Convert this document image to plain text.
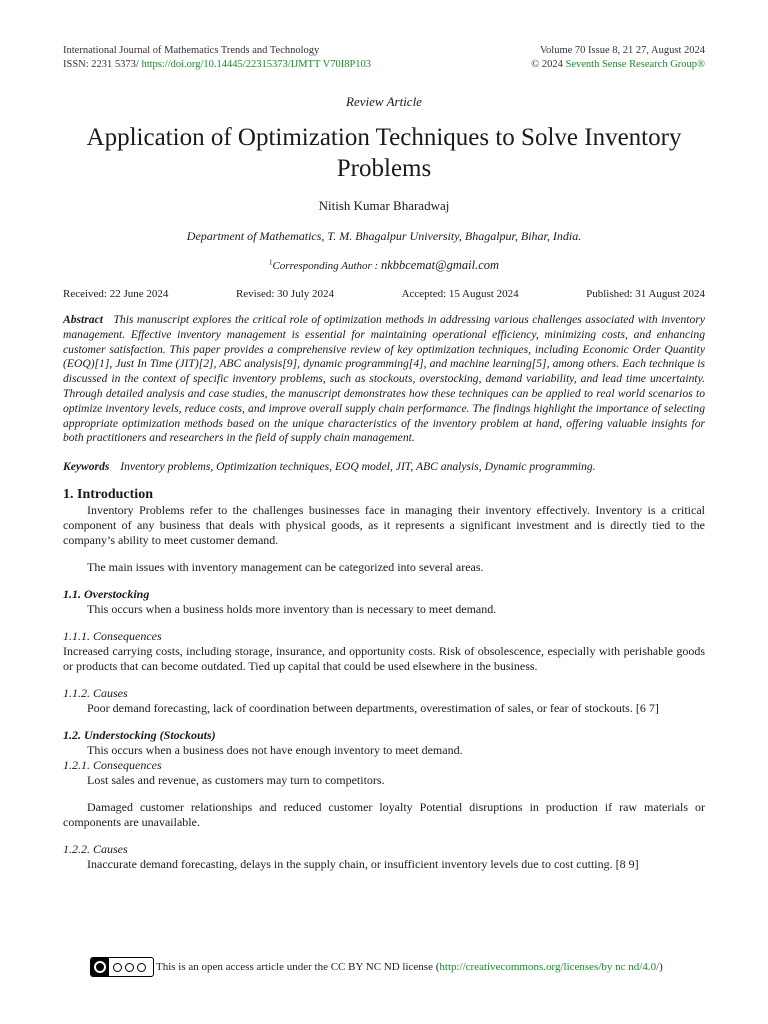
International Journal of Mathematics Trends and Technology
ISSN: 2231 5373/ https://doi.org/10.14445/22315373/IJMTT V70I8P103
Volume 70 Issue 8, 21 27, August 2024
© 2024 Seventh Sense Research Group®
Review Article
Application of Optimization Techniques to Solve Inventory Problems
Nitish Kumar Bharadwaj
Department of Mathematics, T. M. Bhagalpur University, Bhagalpur, Bihar, India.
$^1$Corresponding Author : nkbbcemat@gmail.com
Received: 22 June 2024	Revised: 30 July 2024	Accepted: 15 August 2024	Published: 31 August 2024
Abstract This manuscript explores the critical role of optimization methods in addressing various challenges associated with inventory management. Effective inventory management is essential for maintaining operational efficiency, minimizing costs, and enhancing customer satisfaction. This paper provides a comprehensive review of key optimization techniques, including Economic Order Quantity (EOQ)[1], Just In Time (JIT)[2], ABC analysis[9], dynamic programming[4], and machine learning[5], among others. Each technique is discussed in the context of specific inventory problems, such as stockouts, overstocking, demand variability, and lead time uncertainty. Through detailed analysis and case studies, the manuscript demonstrates how these techniques can be applied to real world scenarios to optimize inventory levels, reduce costs, and improve overall supply chain performance. The findings highlight the importance of selecting appropriate optimization methods based on the unique characteristics of the inventory problem at hand, offering valuable insights for both practitioners and researchers in the field of supply chain management.
Keywords Inventory problems, Optimization techniques, EOQ model, JIT, ABC analysis, Dynamic programming.
1. Introduction

Inventory Problems refer to the challenges businesses face in managing their inventory effectively. Inventory is a critical component of any business that deals with physical goods, as it represents a significant investment and is directly tied to the company’s ability to meet customer demand.

The main issues with inventory management can be categorized into several areas.

1.1. Overstocking

This occurs when a business holds more inventory than is necessary to meet demand.

1.1.1. Consequences

Increased carrying costs, including storage, insurance, and opportunity costs. Risk of obsolescence, especially with perishable goods or products that can become outdated. Tied up capital that could be used elsewhere in the business.

1.1.2. Causes

Poor demand forecasting, lack of coordination between departments, overestimation of sales, or fear of stockouts. [6 7]

1.2. Understocking (Stockouts)

This occurs when a business does not have enough inventory to meet demand.

1.2.1. Consequences

Lost sales and revenue, as customers may turn to competitors.

Damaged customer relationships and reduced customer loyalty Potential disruptions in production if raw materials or components are unavailable.

1.2.2. Causes

Inaccurate demand forecasting, delays in the supply chain, or insufficient inventory levels due to cost cutting. [8 9]

This is an open access article under the CC BY NC ND license ( http://creativecommons.org/licenses/by nc nd/4.0/ )
